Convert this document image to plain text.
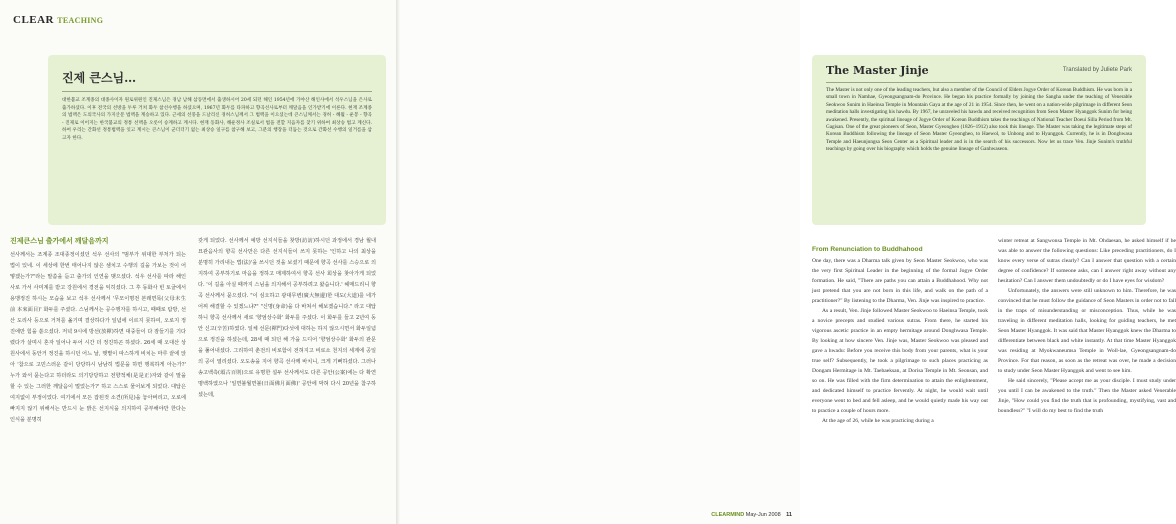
CLEAR TEACHING
진제 큰스님…
대한불교 조계종의 대종사이자 원로위원인 진제스님은 경남 남해 삼동면에서 출생하시어 20세 되던 해인 1954년에 가야산 해인사에서 석우스님을 은사로 출가하셨다. 이후 전국의 선방을 두루 거쳐 화두 참선수행을 하셨으며, 1967년 화두를 타파하고 향곡선사로부터 깨달음을 인가받기에 이른다. 현재 조계종의 법맥은 도의국사의 가지산문 법맥을 계승하고 있다. 근세의 선풍을 드날리신 경허스님께서 그 법맥을 이으셨는데 큰스님께서는 경허 - 혜월 - 운봉 - 향곡 - 진제로 이어지는 한국불교의 정통 선맥을 오롯이 승계하고 계시다. 현재 동화사, 해운정사 조실로서 법을 전할 지음자를 찾기 위하여 최상승 법고 계신다. 하여 우리는 간화선 정통법맥을 잇고 계시는 큰스님이 군더더기 없는 최상승 일구를 참구해 보고, 그분의 행장을 더듬는 것으로 간화선 수행의 일거름을 삼고자 한다.
진제큰스님 출가에서 깨달음까지
선사께서는 조계종 조대종정이셨던 석우 선사의 "범부가 위대한 부처가 되는 법이 있네. 이 세상에 한번 태어나지 않은 셈치고 수행의 길을 가보는 것이 어떻겠는가?"라는 말씀을 듣고 출가의 인연을 맺으셨다. 석우 선사를 따라 해인사로 가서 사미계를 받고 강원에서 경전을 익히셨다. 그 후 동화사 빈 토굴에서 용맹정진 하시는 모습을 보고 석우 선사께서 '무모이명전 본래면목(父母未生前 本來面目)' 화두를 주셨다. 스님께서는 공수행자를 하시고, 때때로 탐방, 선산 도리사 등으로 거처를 옮기며 결상하다가 일념에 이르지 못하여, 오로지 정진에만 힘을 쏟으셨다. 저녁 9시에 방선(放禪)하면 대중들이 다 잠들기를 기다렸다가 살며시 혼자 일어나 두어 시간 더 정진하곤 하셨다. 26세 때 오대산 상원사에서 동안거 정진을 하시던 어느 날, 햇볕이 따스하게 비치는 마루 끝에 앉아 '참으로 고민스러운 같이 당당하시 남남히 법문을 하면 행복하게 아는가?' 누가 와서 묻는다고 하더라도 의기당당하고 전향적체(是是正)자와 같이 말을 할 수 있는 그러한 깨달음이 멀었는가?' 하고 스스로 물어보게 되었다. 대답은 여지없이 부정이었다. 여기에서 모든 잡된것 소견(所見)을 놓아버리고, 오로에 빠지지 않기 위해서는 반드시 눈 밝은 선지식을 의지하여 공부해야만 한다는 인식을 분명히
갖게 되었다. 선사께서 예방 선지식들을 찾방(訪訪)하시던 과정에서 경남 월내 묘관음사의 향곡 선사만은 다른 선지식들이 쓰지 못하는 '인하고 나의 최상을 분명히 가리내는 법(法)'을 쓰시던 것을 보셨기 때문에 향곡 선사를 스승으로 의지하여 공부하기로 마음을 정하고 매제하여서 향곡 선사 회상을 찾아가게 되었다. '이 길을 아실 때까지 스님을 의지해서 공부하려고 왔습니다.' 헤매드리니 향곡 선사께서 묻으셨다. "이 심오하고 광대무변(廣大無邊)한 대도(大道)를 네가 어찌 해결할 수 있겠느냐?" "신명(身命)을 다 바쳐서 해보겠습니다." 라고 대답하니 향곡 선사께서 새로 '향엄상수화' 화두를 주셨다. 이 화두를 들고 2년여 동안 신고(辛苦)하였다. 일체 선문(禪門)다섯에 대하는 하지 않으시면서 화두일념으로 정진을 하셨는데, 28세 때 되던 해 가을 드디어 '향엄상수화' 화두의 관문을 풀어내셨다. 그리하여 춘전의 비로함이 전혀지고 비로소 천지의 세계에 공일의 공이 열리셨다. 오도송을 지어 향곡 선사께 바치니, 크게 기뻐하셨다. 그러나 송고백측(頌古百則)으로 유명한 설두 선사께서도 다른 공안(公案)에는 다 확연 명백하였으나 '일면불월면불(日面佛月面佛)' 공안에 막혀 다시 20년을 참구하셨는데,
The Master Jinje	Translated by Juliete Park
The Master is not only one of the leading teachers, but also a member of the Council of Elders Jogye Order of Korean Buddhism. He was born in a small town in Namhae, Gyeongsangnam-do Province. He began his practice formally by joining the Sangha under the teaching of Venerable Seokwoo Sunim in Haeinsa Temple in Mountain Gaya at the age of 21 in 1954. Since then, he went on a nation-wide pilgrimage in different Seon meditation halls investigating his hawdu. By 1967, he unraveled his hawdu and received recognition from Seon Master Hyanggok Sunim for being awakened. Presently, the spiritual lineage of Jogye Order of Korean Buddhism takes the teachings of National Teacher Doeui Silla Period from Mt. Gagisan. One of the great pioneers of Seon, Master Gyeongheo (1826~1912) also took this lineage. The Master was taking the legitimate steps of Korean Buddhism following the lineage of Seon Master Gyeongheo, to Haewol, to Unbong and to Hyanggok. Currently, he is in Donghwasa Temple and Haeunjungsa Seon Center as a Spiritual leader and is in the search of his successors. Now let us trace Ven. Jinje Sunim's truthful teachings by going over his biography which holds the genuine lineage of Ganhwaseon.
From Renunciation to Buddhahood

One day, there was a Dharma talk given by Seon Master Seokwoo, who was the very first Spiritual Leader in the beginning of the formal Jogye Order formation. He said, "There are paths you can attain a Buddhahood. Why not just pretend that you are not born in this life, and walk on the path of a practitioner?" By listening to the Dharma, Ven. Jinje was inspired to practice.

As a result, Ven. Jinje followed Master Seokwoo to Haeinsa Temple, took a novice precepts and studied various sutras. From there, he started his vigorous ascetic practice in an empty hermitage around Donghwasa Temple. By looking at how sincere Ven. Jinje was, Master Seokwoo was pleased and gave a hwadu: Before you receive this body from your parents, what is your true self? Subsequently, he took a pilgrimage to such places practicing as Dongam Hermitage in Mt. Taebaeksan, at Dorisa Temple in Mt. Seonsan, and so on. He was filled with the firm determination to attain the enlightenment, and dedicated himself to practice fervently. At night, he would wait until everyone went to bed and fell asleep, and he would quietly made his way out to practice a couple of hours more.

At the age of 26, while he was practicing during a

winter retreat at Sangwonsa Temple in Mt. Ohdaesan, he asked himself if he was able to answer the following questions: Like preceding practitioners, do I know every verse of sutras clearly? Can I answer that question with a certain degree of confidence? If someone asks, can I answer right away without any hesitation? Can I answer them undoubtedly or do I have eyes for wisdom?

Unfortunately, the answers were still unknown to him. Therefore, he was convinced that he must follow the guidance of Seon Masters in order not to fall in the traps of misunderstanding or misconception. Thus, while he was traveling in different meditation halls, looking for guiding teachers, he met Seon Master Hyanggok. It was said that Master Hyanggok knew the Dharma to differentiate between black and white instantly. At that time Master Hyanggok was residing at Myokwaneumsa Temple in Woll-lae, Gyeongsangnam-do Province. For that reason, as soon as the retreat was over, he made a decision to study under Seon Master Hyanggok and went to see him.

He said sincerely, "Please accept me as your disciple. I must study under you until I can be awakened to the truth." Then the Master asked Venerable Jinje, "How could you find the truth that is profounding, mystifying, vast and boundless?" "I will do my best to find the truth

CLEARMIND May-Jun 2008 11
